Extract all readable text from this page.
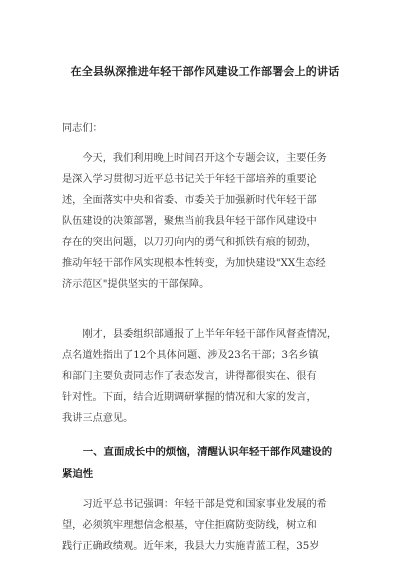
在全县纵深推进年轻干部作风建设工作部署会上的讲话
同志们：
　　今天，我们利用晚上时间召开这个专题会议，主要任务
是深入学习贯彻习近平总书记关于年轻干部培养的重要论
述，全面落实中央和省委、市委关于加强新时代年轻干部
队伍建设的决策部署，聚焦当前我县年轻干部作风建设中
存在的突出问题，以刀刃向内的勇气和抓铁有痕的韧劲，
推动年轻干部作风实现根本性转变，为加快建设"XX生态经
济示范区"提供坚实的干部保障。
　　刚才，县委组织部通报了上半年年轻干部作风督查情况，
点名道姓指出了12个具体问题、涉及23名干部；3名乡镇
和部门主要负责同志作了表态发言，讲得都很实在、很有
针对性。下面，结合近期调研掌握的情况和大家的发言，
我讲三点意见。
　　一、直面成长中的烦恼，清醒认识年轻干部作风建设的
紧迫性
　　习近平总书记强调：年轻干部是党和国家事业发展的希
望，必须筑牢理想信念根基，守住拒腐防变防线，树立和
践行正确政绩观。近年来，我县大力实施青蓝工程，35岁
